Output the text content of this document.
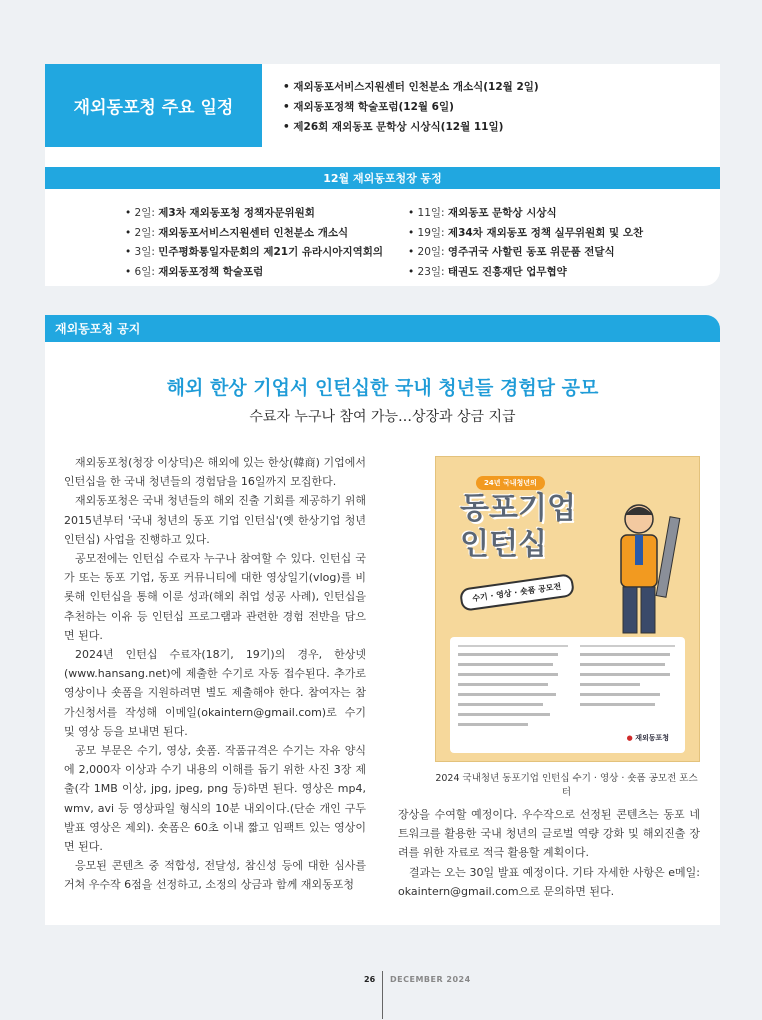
재외동포청 주요 일정
• 재외동포서비스지원센터 인천분소 개소식(12월 2일)
• 재외동포정책 학술포럼(12월 6일)
• 제26회 재외동포 문학상 시상식(12월 11일)
12월 재외동포청장 동정
• 2일: 제3차 재외동포청 정책자문위원회
• 2일: 재외동포서비스지원센터 인천분소 개소식
• 3일: 민주평화통일자문회의 제21기 유라시아지역회의
• 6일: 재외동포정책 학술포럼
• 11일: 재외동포 문학상 시상식
• 19일: 제34차 재외동포 정책 실무위원회 및 오찬
• 20일: 영주귀국 사할린 동포 위문품 전달식
• 23일: 태권도 진흥재단 업무협약
재외동포청 공지
해외 한상 기업서 인턴십한 국내 청년들 경험담 공모
수료자 누구나 참여 가능…상장과 상금 지급

재외동포청(청장 이상덕)은 해외에 있는 한상(韓商) 기업에서 인턴십을 한 국내 청년들의 경험담을 16일까지 모집한다.

재외동포청은 국내 청년들의 해외 진출 기회를 제공하기 위해 2015년부터 '국내 청년의 동포 기업 인턴십'(옛 한상기업 청년 인턴십) 사업을 진행하고 있다.

공모전에는 인턴십 수료자 누구나 참여할 수 있다. 인턴십 국가 또는 동포 기업, 동포 커뮤니티에 대한 영상일기(vlog)를 비롯해 인턴십을 통해 이룬 성과(해외 취업 성공 사례), 인턴십을 추천하는 이유 등 인턴십 프로그램과 관련한 경험 전반을 담으면 된다.

2024년 인턴십 수료자(18기, 19기)의 경우, 한상넷(www.hansang.net)에 제출한 수기로 자동 접수된다. 추가로 영상이나 숏폼을 지원하려면 별도 제출해야 한다. 참여자는 참가신청서를 작성해 이메일(okaintern@gmail.com)로 수기 및 영상 등을 보내면 된다.

공모 부문은 수기, 영상, 숏폼. 작품규격은 수기는 자유 양식에 2,000자 이상과 수기 내용의 이해를 돕기 위한 사진 3장 제출(각 1MB 이상, jpg, jpeg, png 등)하면 된다. 영상은 mp4, wmv, avi 등 영상파일 형식의 10분 내외이다.(단순 개인 구두 발표 영상은 제외). 숏폼은 60초 이내 짧고 임팩트 있는 영상이면 된다.

응모된 콘텐츠 중 적합성, 전달성, 참신성 등에 대한 심사를 거쳐 우수작 6점을 선정하고, 소정의 상금과 함께 재외동포청

24년 국내청년의
동포기업
인턴십
수기 · 영상 · 숏폼 공모전
● 재외동포청
2024 국내청년 동포기업 인턴십 수기 · 영상 · 숏폼 공모전 포스터

장상을 수여할 예정이다. 우수작으로 선정된 콘텐츠는 동포 네트워크를 활용한 국내 청년의 글로벌 역량 강화 및 해외진출 장려를 위한 자료로 적극 활용할 계획이다.

결과는 오는 30일 발표 예정이다. 기타 자세한 사항은 e메일: okaintern@gmail.com으로 문의하면 된다.

26 DECEMBER 2024
